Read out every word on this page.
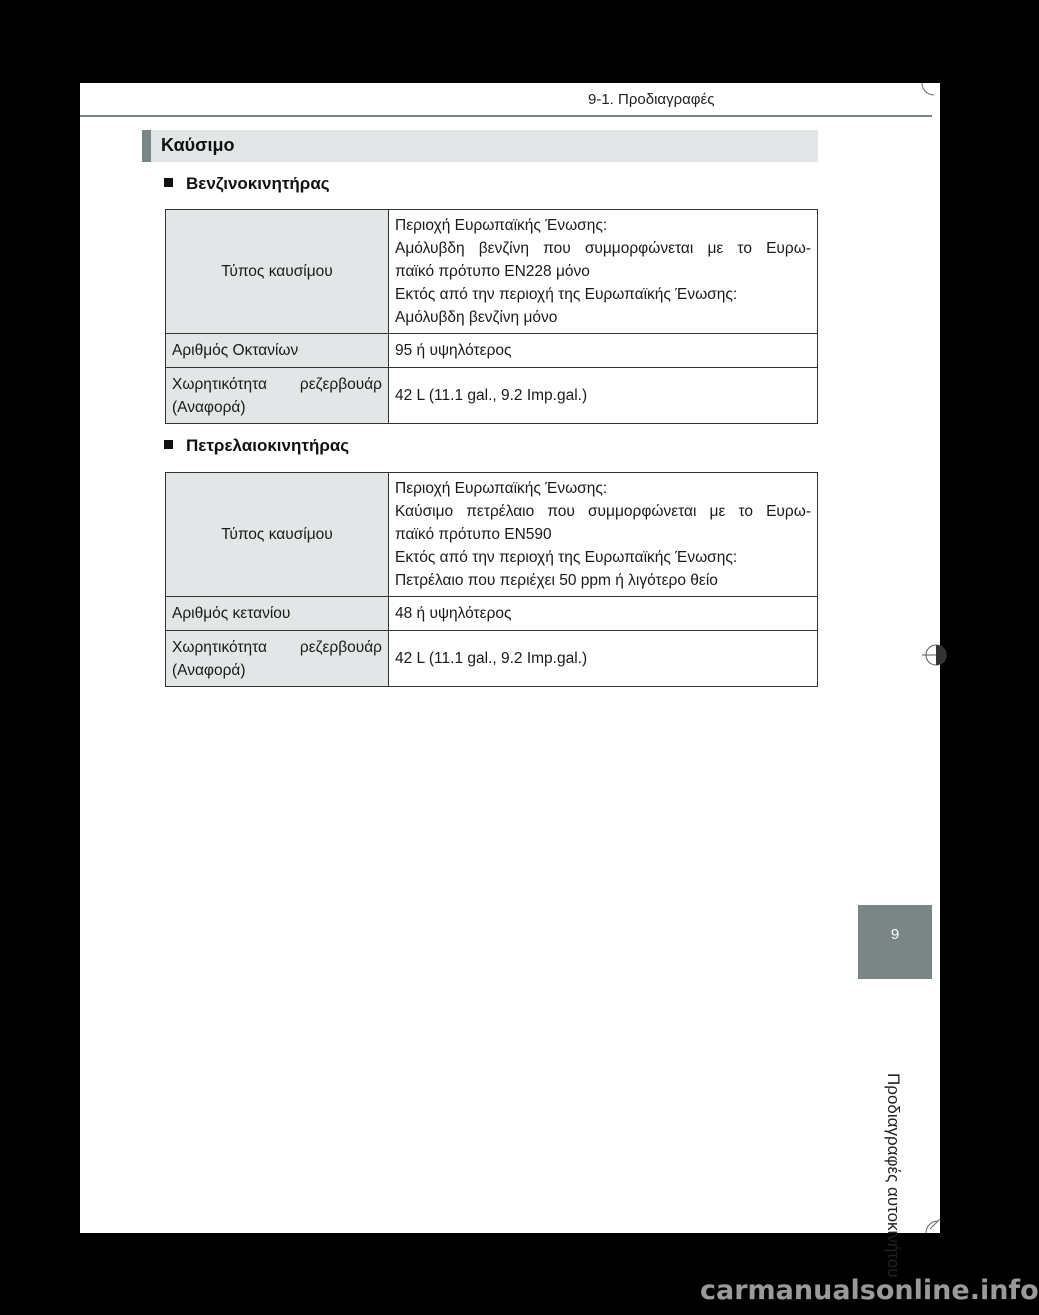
9-1. Προδιαγραφές
Καύσιμο
Βενζινοκινητήρας
Τύπος καυσίμου	Περιοχή Ευρωπαϊκής Ένωσης:
Αμόλυβδη βενζίνη που συμμορφώνεται με το Ευρω-
παϊκό πρότυπο EN228 μόνο
Εκτός από την περιοχή της Ευρωπαϊκής Ένωσης:
Αμόλυβδη βενζίνη μόνο

Αριθμός Οκτανίων	95 ή υψηλότερος

Χωρητικότητα ρεζερβουάρ
(Αναφορά)	42 L (11.1 gal., 9.2 Imp.gal.)
Πετρελαιοκινητήρας
Τύπος καυσίμου	Περιοχή Ευρωπαϊκής Ένωσης:
Καύσιμο πετρέλαιο που συμμορφώνεται με το Ευρω-
παϊκό πρότυπο EN590
Εκτός από την περιοχή της Ευρωπαϊκής Ένωσης:
Πετρέλαιο που περιέχει 50 ppm ή λιγότερο θείο

Αριθμός κετανίου	48 ή υψηλότερος

Χωρητικότητα ρεζερβουάρ
(Αναφορά)	42 L (11.1 gal., 9.2 Imp.gal.)
9
Προδιαγραφές αυτοκινήτου
carmanualsonline.info
